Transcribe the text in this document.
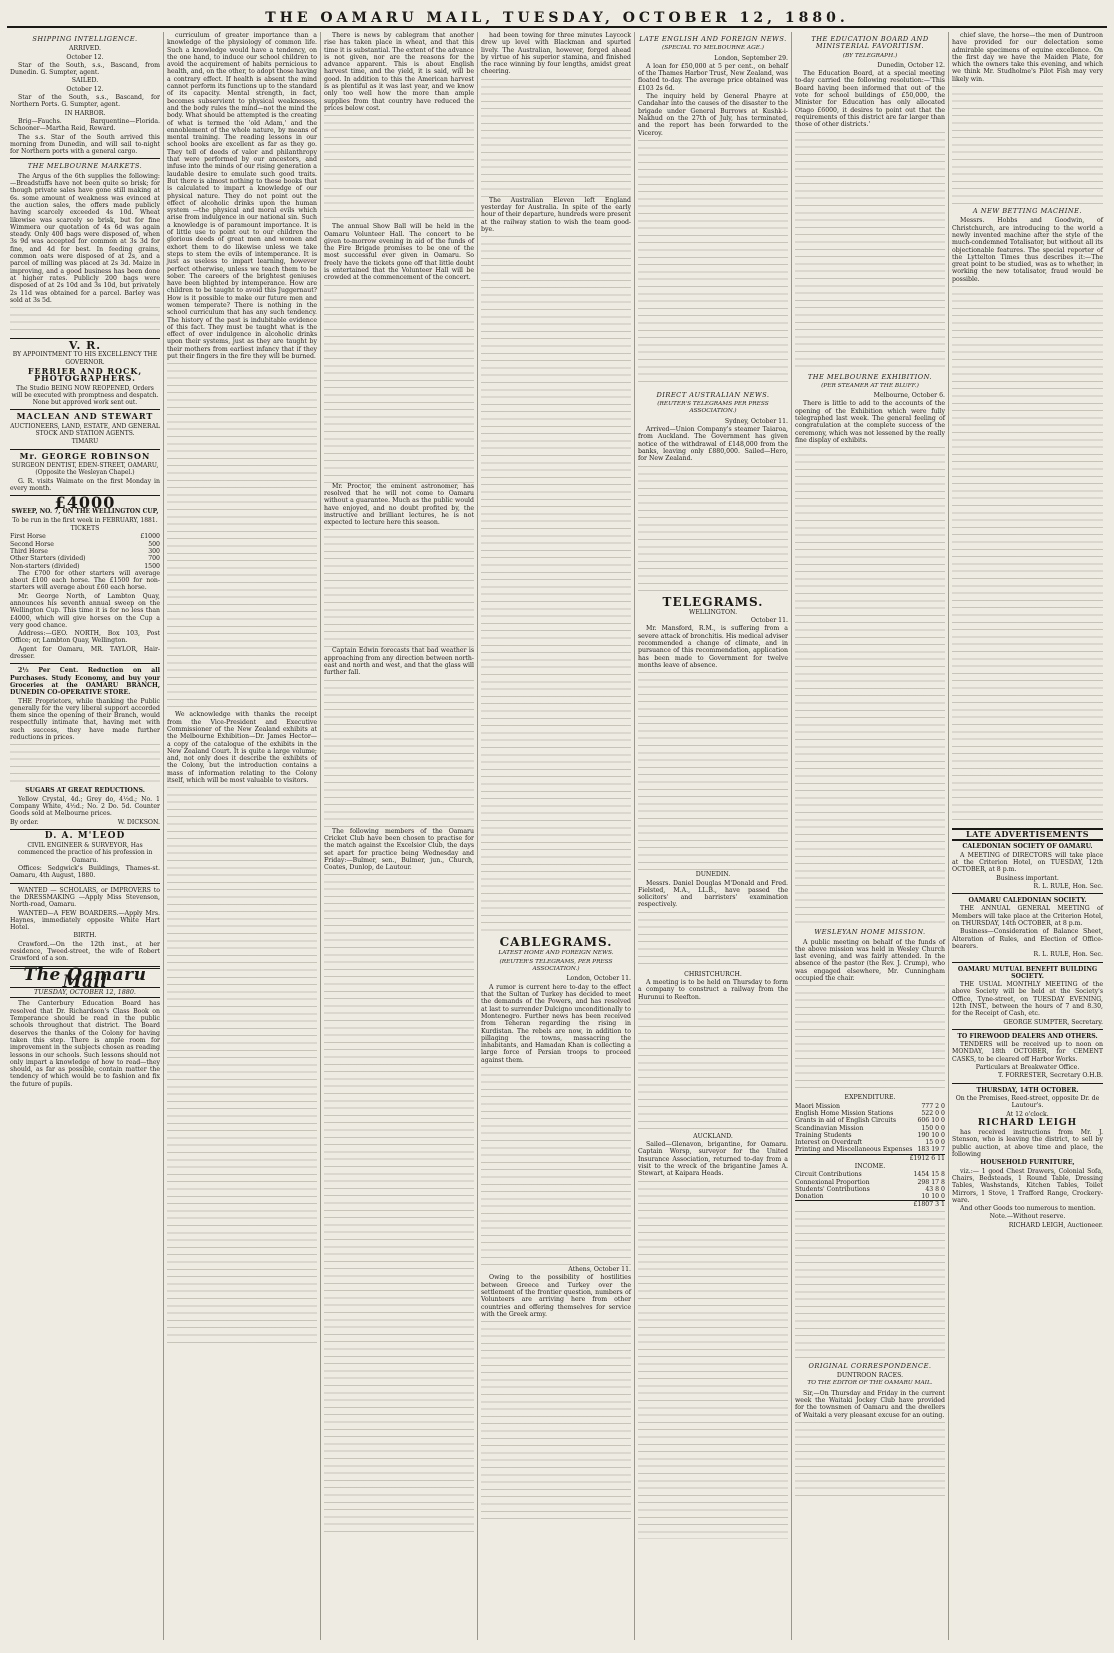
THE OAMARU MAIL, TUESDAY, OCTOBER 12, 1880.
SHIPPING INTELLIGENCE.
ARRIVED.
October 12.

Star of the South, s.s., Bascand, from Dunedin. G. Sumpter, agent.

SAILED.
October 12.

Star of the South, s.s., Bascand, for Northern Ports. G. Sumpter, agent.

IN HARBOR.

Brig—Fauchs. Barquentine—Florida. Schooner—Martha Reid, Reward.

The s.s. Star of the South arrived this morning from Dunedin, and will sail to-night for Northern ports with a general cargo.

THE MELBOURNE MARKETS.

The Argus of the 6th supplies the following:—Breadstuffs have not been quite so brisk; for though private sales have gone still making at 6s. some amount of weakness was evinced at the auction sales, the offers made publicly having scarcely exceeded 4s 10d. Wheat likewise was scarcely so brisk, but for fine Wimmera our quotation of 4s 6d was again steady. Only 400 bags were disposed of, when 3s 9d was accepted for common at 3s 3d for fine, and 4d for best. In feeding grains, common oats were disposed of at 2s, and a parcel of milling was placed at 2s 3d. Maize in improving, and a good business has been done at higher rates. Publicly 200 bags were disposed of at 2s 10d and 3s 10d, but privately 2s 11d was obtained for a parcel. Barley was sold at 3s 5d.

V. R.
BY APPOINTMENT TO HIS EXCELLENCY THE GOVERNOR.
FERRIER AND ROCK, PHOTOGRAPHERS.
The Studio BEING NOW REOPENED, Orders will be executed with promptness and despatch. None but approved work sent out.
MACLEAN AND STEWART
AUCTIONEERS, LAND, ESTATE, AND GENERAL STOCK AND STATION AGENTS.
TIMARU
Mr. GEORGE ROBINSON
SURGEON DENTIST, EDEN-STREET, OAMARU, (Opposite the Wesleyan Chapel.)

G. R. visits Waimate on the first Monday in every month.

£4000
SWEEP, NO. 7, ON THE WELLINGTON CUP,
To be run in the first week in FEBRUARY, 1881.
TICKETS
First Horse	£1000
Second Horse	500
Third Horse	300
Other Starters (divided)	700
Non-starters (divided)	1500

The £700 for other starters will average about £100 each horse. The £1500 for non-starters will average about £60 each horse.

Mr. George North, of Lambton Quay, announces his seventh annual sweep on the Wellington Cup. This time it is for no less than £4000, which will give horses on the Cup a very good chance.

Address:—GEO. NORTH, Box 103, Post Office; or, Lambton Quay, Wellington.

Agent for Oamaru, MR. TAYLOR, Hair-dresser.

2½ Per Cent. Reduction on all Purchases. Study Economy, and buy your Groceries at the OAMARU BRANCH, DUNEDIN CO-OPERATIVE STORE.

THE Proprietors, while thanking the Public generally for the very liberal support accorded them since the opening of their Branch, would respectfully intimate that, having met with such success, they have made further reductions in prices.

SUGARS AT GREAT REDUCTIONS.

Yellow Crystal, 4d.; Grey do, 4½d.; No. 1 Company White, 4½d.; No. 2 Do. 5d. Counter Goods sold at Melbourne prices.

By order.	W. DICKSON.
D. A. M'LEOD
CIVIL ENGINEER & SURVEYOR, Has commenced the practice of his profession in Oamaru.

Offices: Sedgwick's Buildings, Thames-st. Oamaru, 4th August, 1880.

WANTED — SCHOLARS, or IMPROVERS to the DRESSMAKING —Apply Miss Stevenson, North-road, Oamaru.

WANTED—A FEW BOARDERS.—Apply Mrs. Haynes, immediately opposite White Hart Hotel.

BIRTH.

Crawford.—On the 12th inst., at her residence, Tweed-street, the wife of Robert Crawford of a son.

The Oamaru Mail
TUESDAY, OCTOBER 12, 1880.

The Canterbury Education Board has resolved that Dr. Richardson's Class Book on Temperance should be read in the public schools throughout that district. The Board deserves the thanks of the Colony for having taken this step. There is ample room for improvement in the subjects chosen as reading lessons in our schools. Such lessons should not only impart a knowledge of how to read—they should, as far as possible, contain matter the tendency of which would be to fashion and fix the future of pupils.

curriculum of greater importance than a knowledge of the physiology of common life. Such a knowledge would have a tendency, on the one hand, to induce our school children to avoid the acquirement of habits pernicious to health, and, on the other, to adopt those having a contrary effect. If health is absent the mind cannot perform its functions up to the standard of its capacity. Mental strength, in fact, becomes subservient to physical weaknesses, and the body rules the mind—not the mind the body. What should be attempted is the creating of what is termed the 'old Adam,' and the ennoblement of the whole nature, by means of mental training. The reading lessons in our school books are excellent as far as they go. They tell of deeds of valor and philanthropy that were performed by our ancestors, and infuse into the minds of our rising generation a laudable desire to emulate such good traits. But there is almost nothing to these books that is calculated to impart a knowledge of our physical nature. They do not point out the effect of alcoholic drinks upon the human system —the physical and moral evils which arise from indulgence in our national sin. Such a knowledge is of paramount importance. It is of little use to point out to our children the glorious deeds of great men and women and exhort them to do likewise unless we take steps to stem the evils of intemperance. It is just as useless to impart learning, however perfect otherwise, unless we teach them to be sober. The careers of the brightest geniuses have been blighted by intemperance. How are children to be taught to avoid this Juggernaut? How is it possible to make our future men and women temperate? There is nothing in the school curriculum that has any such tendency. The history of the past is indubitable evidence of this fact. They must be taught what is the effect of over indulgence in alcoholic drinks upon their systems, just as they are taught by their mothers from earliest infancy that if they put their fingers in the fire they will be burned.

We acknowledge with thanks the receipt from the Vice-President and Executive Commissioner of the New Zealand exhibits at the Melbourne Exhibition—Dr. James Hector—a copy of the catalogue of the exhibits in the New Zealand Court. It is quite a large volume; and, not only does it describe the exhibits of the Colony, but the introduction contains a mass of information relating to the Colony itself, which will be most valuable to visitors.

There is news by cablegram that another rise has taken place in wheat, and that this time it is substantial. The extent of the advance is not given, nor are the reasons for the advance apparent. This is about English harvest time, and the yield, it is said, will be good. In addition to this the American harvest is as plentiful as it was last year, and we know only too well how the more than ample supplies from that country have reduced the prices below cost.

The annual Show Ball will be held in the Oamaru Volunteer Hall. The concert to be given to-morrow evening in aid of the funds of the Fire Brigade promises to be one of the most successful ever given in Oamaru. So freely have the tickets gone off that little doubt is entertained that the Volunteer Hall will be crowded at the commencement of the concert.

Mr. Proctor, the eminent astronomer, has resolved that he will not come to Oamaru without a guarantee. Much as the public would have enjoyed, and no doubt profited by, the instructive and brilliant lectures, he is not expected to lecture here this season.

Captain Edwin forecasts that bad weather is approaching from any direction between north-east and north and west, and that the glass will further fall.

The following members of the Oamaru Cricket Club have been chosen to practise for the match against the Excelsior Club, the days set apart for practice being Wednesday and Friday:—Bulmer, sen., Bulmer, jun., Church, Coates, Dunlop, de Lautour.

had been towing for three minutes Laycock drew up level with Blackman and spurted lively. The Australian, however, forged ahead by virtue of his superior stamina, and finished the race winning by four lengths, amidst great cheering.

The Australian Eleven left England yesterday for Australia. In spite of the early hour of their departure, hundreds were present at the railway station to wish the team good-bye.

CABLEGRAMS.
LATEST HOME AND FOREIGN NEWS.
(REUTER'S TELEGRAMS, PER PRESS ASSOCIATION.)
London, October 11.

A rumor is current here to-day to the effect that the Sultan of Turkey has decided to meet the demands of the Powers, and has resolved at last to surrender Dulcigno unconditionally to Montenegro. Further news has been received from Teheran regarding the rising in Kurdistan. The rebels are now, in addition to pillaging the towns, massacring the inhabitants, and Hamadan Khan is collecting a large force of Persian troops to proceed against them.

Athens, October 11.

Owing to the possibility of hostilities between Greece and Turkey over the settlement of the frontier question, numbers of Volunteers are arriving here from other countries and offering themselves for service with the Greek army.

LATE ENGLISH AND FOREIGN NEWS.
(SPECIAL TO MELBOURNE AGE.)
London, September 29.

A loan for £50,000 at 5 per cent., on behalf of the Thames Harbor Trust, New Zealand, was floated to-day. The average price obtained was £103 2s 6d.

The inquiry held by General Phayre at Candahar into the causes of the disaster to the brigade under General Burrows at Kushk-i-Nakhud on the 27th of July, has terminated, and the report has been forwarded to the Viceroy.

DIRECT AUSTRALIAN NEWS.
(REUTER'S TELEGRAMS PER PRESS ASSOCIATION.)
Sydney, October 11.

Arrived—Union Company's steamer Taiaroa, from Auckland. The Government has given notice of the withdrawal of £148,000 from the banks, leaving only £880,000. Sailed—Hero, for New Zealand.

TELEGRAMS.
WELLINGTON.
October 11.

Mr. Mansford, R.M., is suffering from a severe attack of bronchitis. His medical adviser recommended a change of climate, and in pursuance of this recommendation, application has been made to Government for twelve months leave of absence.

DUNEDIN.

Messrs. Daniel Douglas M'Donald and Fred. Fielsted, M.A., LL.B., have passed the solicitors' and barristers' examination respectively.

CHRISTCHURCH.

A meeting is to be held on Thursday to form a company to construct a railway from the Hurunui to Reefton.

AUCKLAND.

Sailed—Glenavon, brigantine, for Oamaru. Captain Worsp, surveyor for the United Insurance Association, returned to-day from a visit to the wreck of the brigantine James A. Stewart, at Kaipara Heads.

THE EDUCATION BOARD AND MINISTERIAL FAVORITISM.
(BY TELEGRAPH.)
Dunedin, October 12.

The Education Board, at a special meeting to-day carried the following resolution:—'This Board having been informed that out of the vote for school buildings of £50,000, the Minister for Education has only allocated Otago £6000, it desires to point out that the requirements of this district are far larger than those of other districts.'

THE MELBOURNE EXHIBITION.
(PER STEAMER AT THE BLUFF.)
Melbourne, October 6.

There is little to add to the accounts of the opening of the Exhibition which were fully telegraphed last week. The general feeling of congratulation at the complete success of the ceremony, which was not lessened by the really fine display of exhibits.

WESLEYAN HOME MISSION.

A public meeting on behalf of the funds of the above mission was held in Wesley Church last evening, and was fairly attended. In the absence of the pastor (the Rev. J. Crump), who was engaged elsewhere, Mr. Cunningham occupied the chair.

EXPENDITURE.
Maori Mission	777 2 0
English Home Mission Stations	522 0 0
Grants in aid of English Circuits	606 10 0
Scandinavian Mission	150 0 0
Training Students	190 10 0
Interest on Overdraft	15 0 0
Printing and Miscellaneous Expenses 183 19 7
£1912 6 11
INCOME.
Circuit Contributions	1454 15 8
Connexional Proportion	298 17 8
Students' Contributions	43 8 0
Donation	10 10 0
£1807 3 1
ORIGINAL CORRESPONDENCE.
DUNTROON RACES.
TO THE EDITOR OF THE OAMARU MAIL.

Sir,—On Thursday and Friday in the current week the Waitaki Jockey Club have provided for the townsmen of Oamaru and the dwellers of Waitaki a very pleasant excuse for an outing.

chief slave, the horse—the men of Duntroon have provided for our delectation some admirable specimens of equine excellence. On the first day we have the Maiden Plate, for which the owners take this evening, and which we think Mr. Studholme's Pilot Fish may very likely win.

A NEW BETTING MACHINE.

Messrs. Hobbs and Goodwin, of Christchurch, are introducing to the world a newly invented machine after the style of the much-condemned Totalisator, but without all its objectionable features. The special reporter of the Lyttelton Times thus describes it:—The great point to be studied, was as to whether, in working the new totalisator, fraud would be possible.

LATE ADVERTISEMENTS
CALEDONIAN SOCIETY OF OAMARU.

A MEETING of DIRECTORS will take place at the Criterion Hotel, on TUESDAY, 12th OCTOBER, at 8 p.m.

Business important.
R. L. RULE, Hon. Sec.
OAMARU CALEDONIAN SOCIETY.

THE ANNUAL GENERAL MEETING of Members will take place at the Criterion Hotel, on THURSDAY, 14th OCTOBER, at 8 p.m.

Business—Consideration of Balance Sheet, Alteration of Rules, and Election of Office-bearers.

R. L. RULE, Hon. Sec.
OAMARU MUTUAL BENEFIT BUILDING SOCIETY.

THE USUAL MONTHLY MEETING of the above Society will be held at the Society's Office, Tyne-street, on TUESDAY EVENING, 12th INST., between the hours of 7 and 8.30, for the Receipt of Cash, etc.

GEORGE SUMPTER, Secretary.
TO FIREWOOD DEALERS AND OTHERS.

TENDERS will be received up to noon on MONDAY, 18th OCTOBER, for CEMENT CASKS, to be cleared off Harbor Works.

Particulars at Breakwater Office.
T. FORRESTER, Secretary O.H.B.
THURSDAY, 14TH OCTOBER.
On the Premises, Reed-street, opposite Dr. de Lautour's.
At 12 o'clock.
RICHARD LEIGH

has received instructions from Mr. J. Stenson, who is leaving the district, to sell by public auction, at above time and place, the following

HOUSEHOLD FURNITURE,

viz.:— 1 good Chest Drawers, Colonial Sofa, Chairs, Bedsteads, 1 Round Table, Dressing Tables, Washstands, Kitchen Tables, Toilet Mirrors, 1 Stove, 1 Trafford Range, Crockery-ware.

And other Goods too numerous to mention.

Note.—Without reserve.
RICHARD LEIGH, Auctioneer.
